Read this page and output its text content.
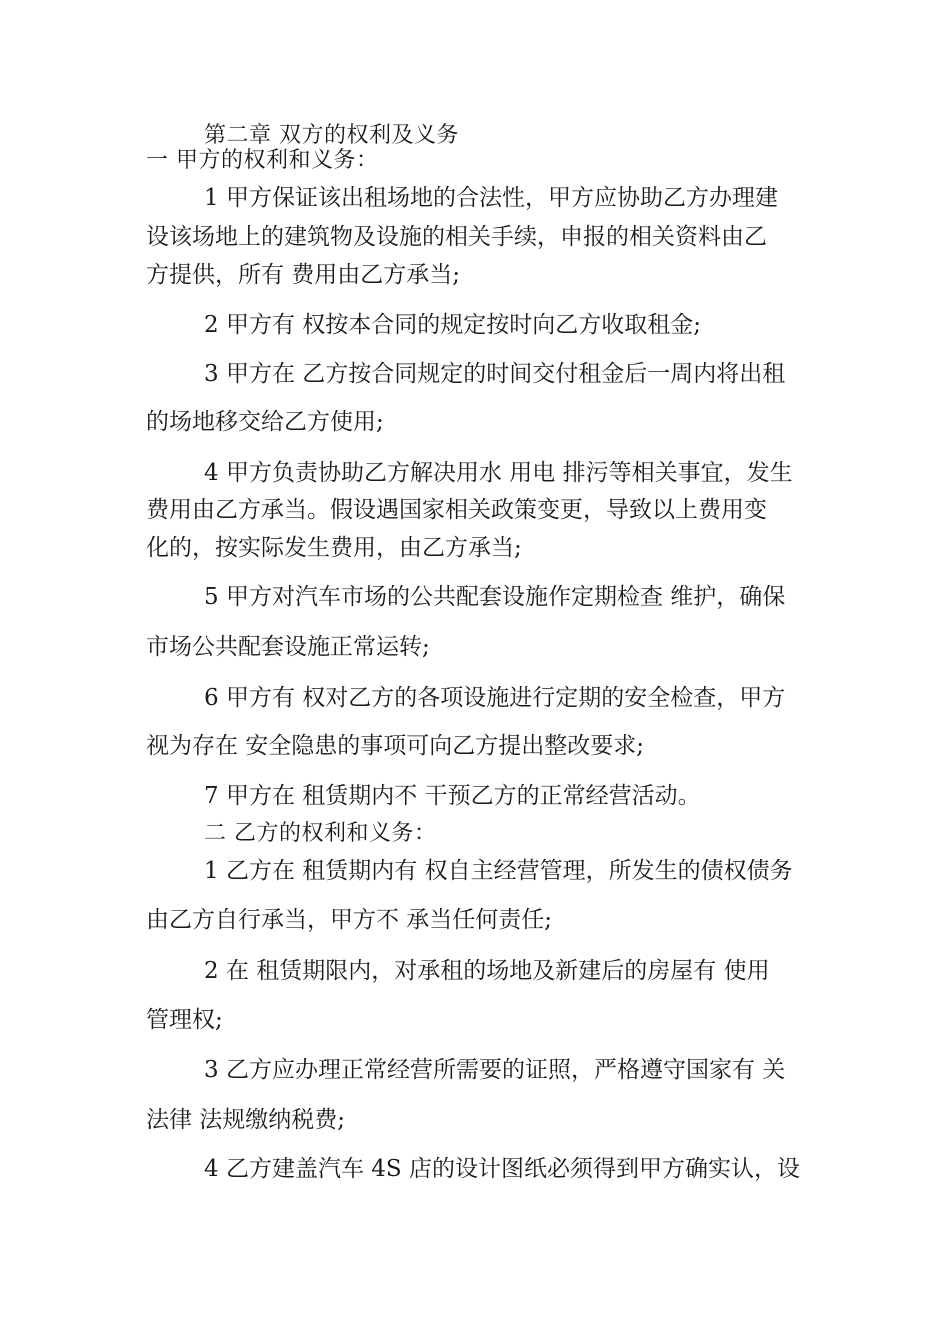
第二章 双方的权利及义务
一 甲方的权利和义务：
1 甲方保证该出租场地的合法性，甲方应协助乙方办理建
设该场地上的建筑物及设施的相关手续，申报的相关资料由乙
方提供，所有 费用由乙方承当;
2 甲方有 权按本合同的规定按时向乙方收取租金;
3 甲方在 乙方按合同规定的时间交付租金后一周内将出租
的场地移交给乙方使用;
4 甲方负责协助乙方解决用水 用电 排污等相关事宜，发生
费用由乙方承当。假设遇国家相关政策变更，导致以上费用变
化的，按实际发生费用，由乙方承当;
5 甲方对汽车市场的公共配套设施作定期检查 维护，确保
市场公共配套设施正常运转;
6 甲方有 权对乙方的各项设施进行定期的安全检查，甲方
视为存在 安全隐患的事项可向乙方提出整改要求;
7 甲方在 租赁期内不 干预乙方的正常经营活动。
二 乙方的权利和义务：
1 乙方在 租赁期内有 权自主经营管理，所发生的债权债务
由乙方自行承当，甲方不 承当任何责任;
2 在 租赁期限内，对承租的场地及新建后的房屋有 使用
管理权;
3 乙方应办理正常经营所需要的证照，严格遵守国家有 关
法律 法规缴纳税费;
4 乙方建盖汽车 4S 店的设计图纸必须得到甲方确实认，设
